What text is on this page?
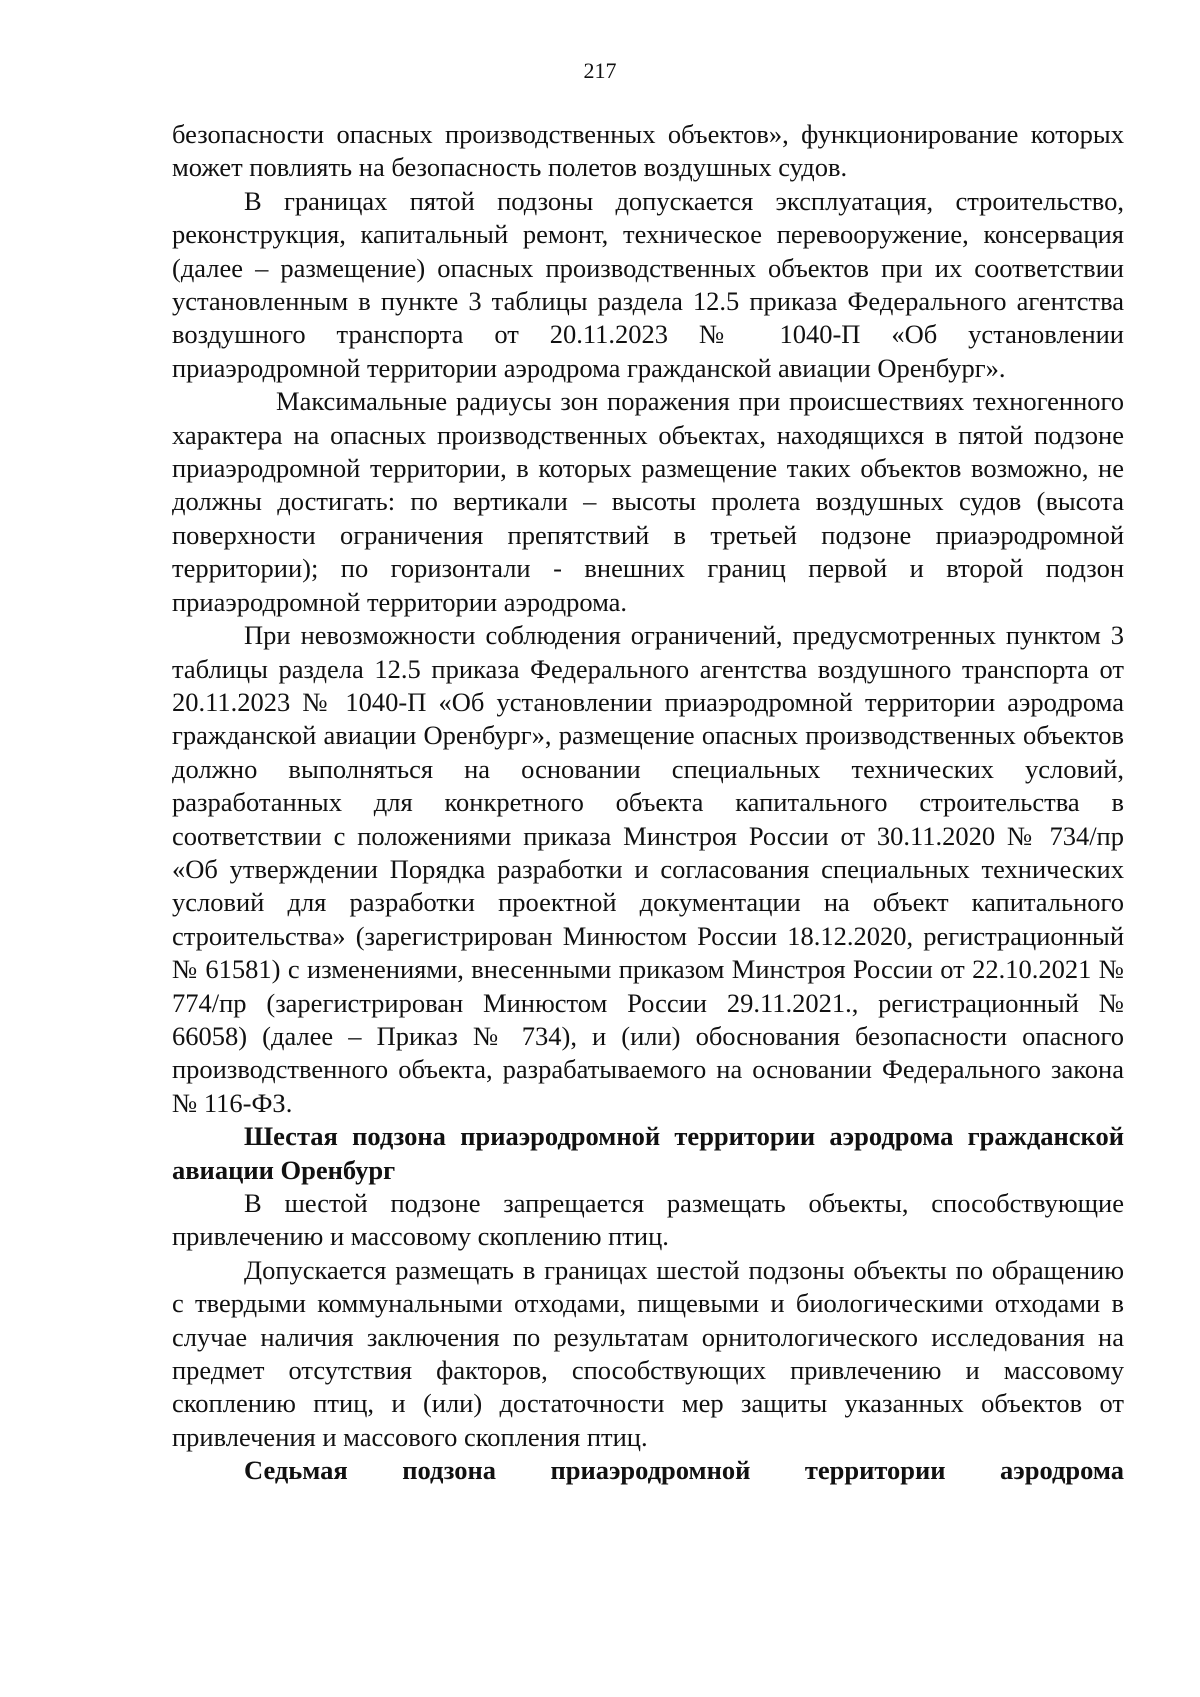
217

безопасности опасных производственных объектов», функционирование которых может повлиять на безопасность полетов воздушных судов.

В границах пятой подзоны допускается эксплуатация, строительство, реконструкция, капитальный ремонт, техническое перевооружение, консервация (далее – размещение) опасных производственных объектов при их соответствии установленным в пункте 3 таблицы раздела 12.5 приказа Федерального агентства воздушного транспорта от 20.11.2023 № 1040-П «Об установлении приаэродромной территории аэродрома гражданской авиации Оренбург».

Максимальные радиусы зон поражения при происшествиях техногенного характера на опасных производственных объектах, находящихся в пятой подзоне приаэродромной территории, в которых размещение таких объектов возможно, не должны достигать: по вертикали – высоты пролета воздушных судов (высота поверхности ограничения препятствий в третьей подзоне приаэродромной территории); по горизонтали - внешних границ первой и второй подзон приаэродромной территории аэродрома.

При невозможности соблюдения ограничений, предусмотренных пунктом 3 таблицы раздела 12.5 приказа Федерального агентства воздушного транспорта от 20.11.2023 № 1040-П «Об установлении приаэродромной территории аэродрома гражданской авиации Оренбург», размещение опасных производственных объектов должно выполняться на основании специальных технических условий, разработанных для конкретного объекта капитального строительства в соответствии с положениями приказа Минстроя России от 30.11.2020 № 734/пр «Об утверждении Порядка разработки и согласования специальных технических условий для разработки проектной документации на объект капитального строительства» (зарегистрирован Минюстом России 18.12.2020, регистрационный № 61581) с изменениями, внесенными приказом Минстроя России от 22.10.2021 № 774/пр (зарегистрирован Минюстом России 29.11.2021., регистрационный № 66058) (далее – Приказ № 734), и (или) обоснования безопасности опасного производственного объекта, разрабатываемого на основании Федерального закона № 116-ФЗ.

Шестая подзона приаэродромной территории аэродрома гражданской авиации Оренбург

В шестой подзоне запрещается размещать объекты, способствующие привлечению и массовому скоплению птиц.

Допускается размещать в границах шестой подзоны объекты по обращению с твердыми коммунальными отходами, пищевыми и биологическими отходами в случае наличия заключения по результатам орнитологического исследования на предмет отсутствия факторов, способствующих привлечению и массовому скоплению птиц, и (или) достаточности мер защиты указанных объектов от привлечения и массового скопления птиц.

Седьмая подзона приаэродромной территории аэродрома
